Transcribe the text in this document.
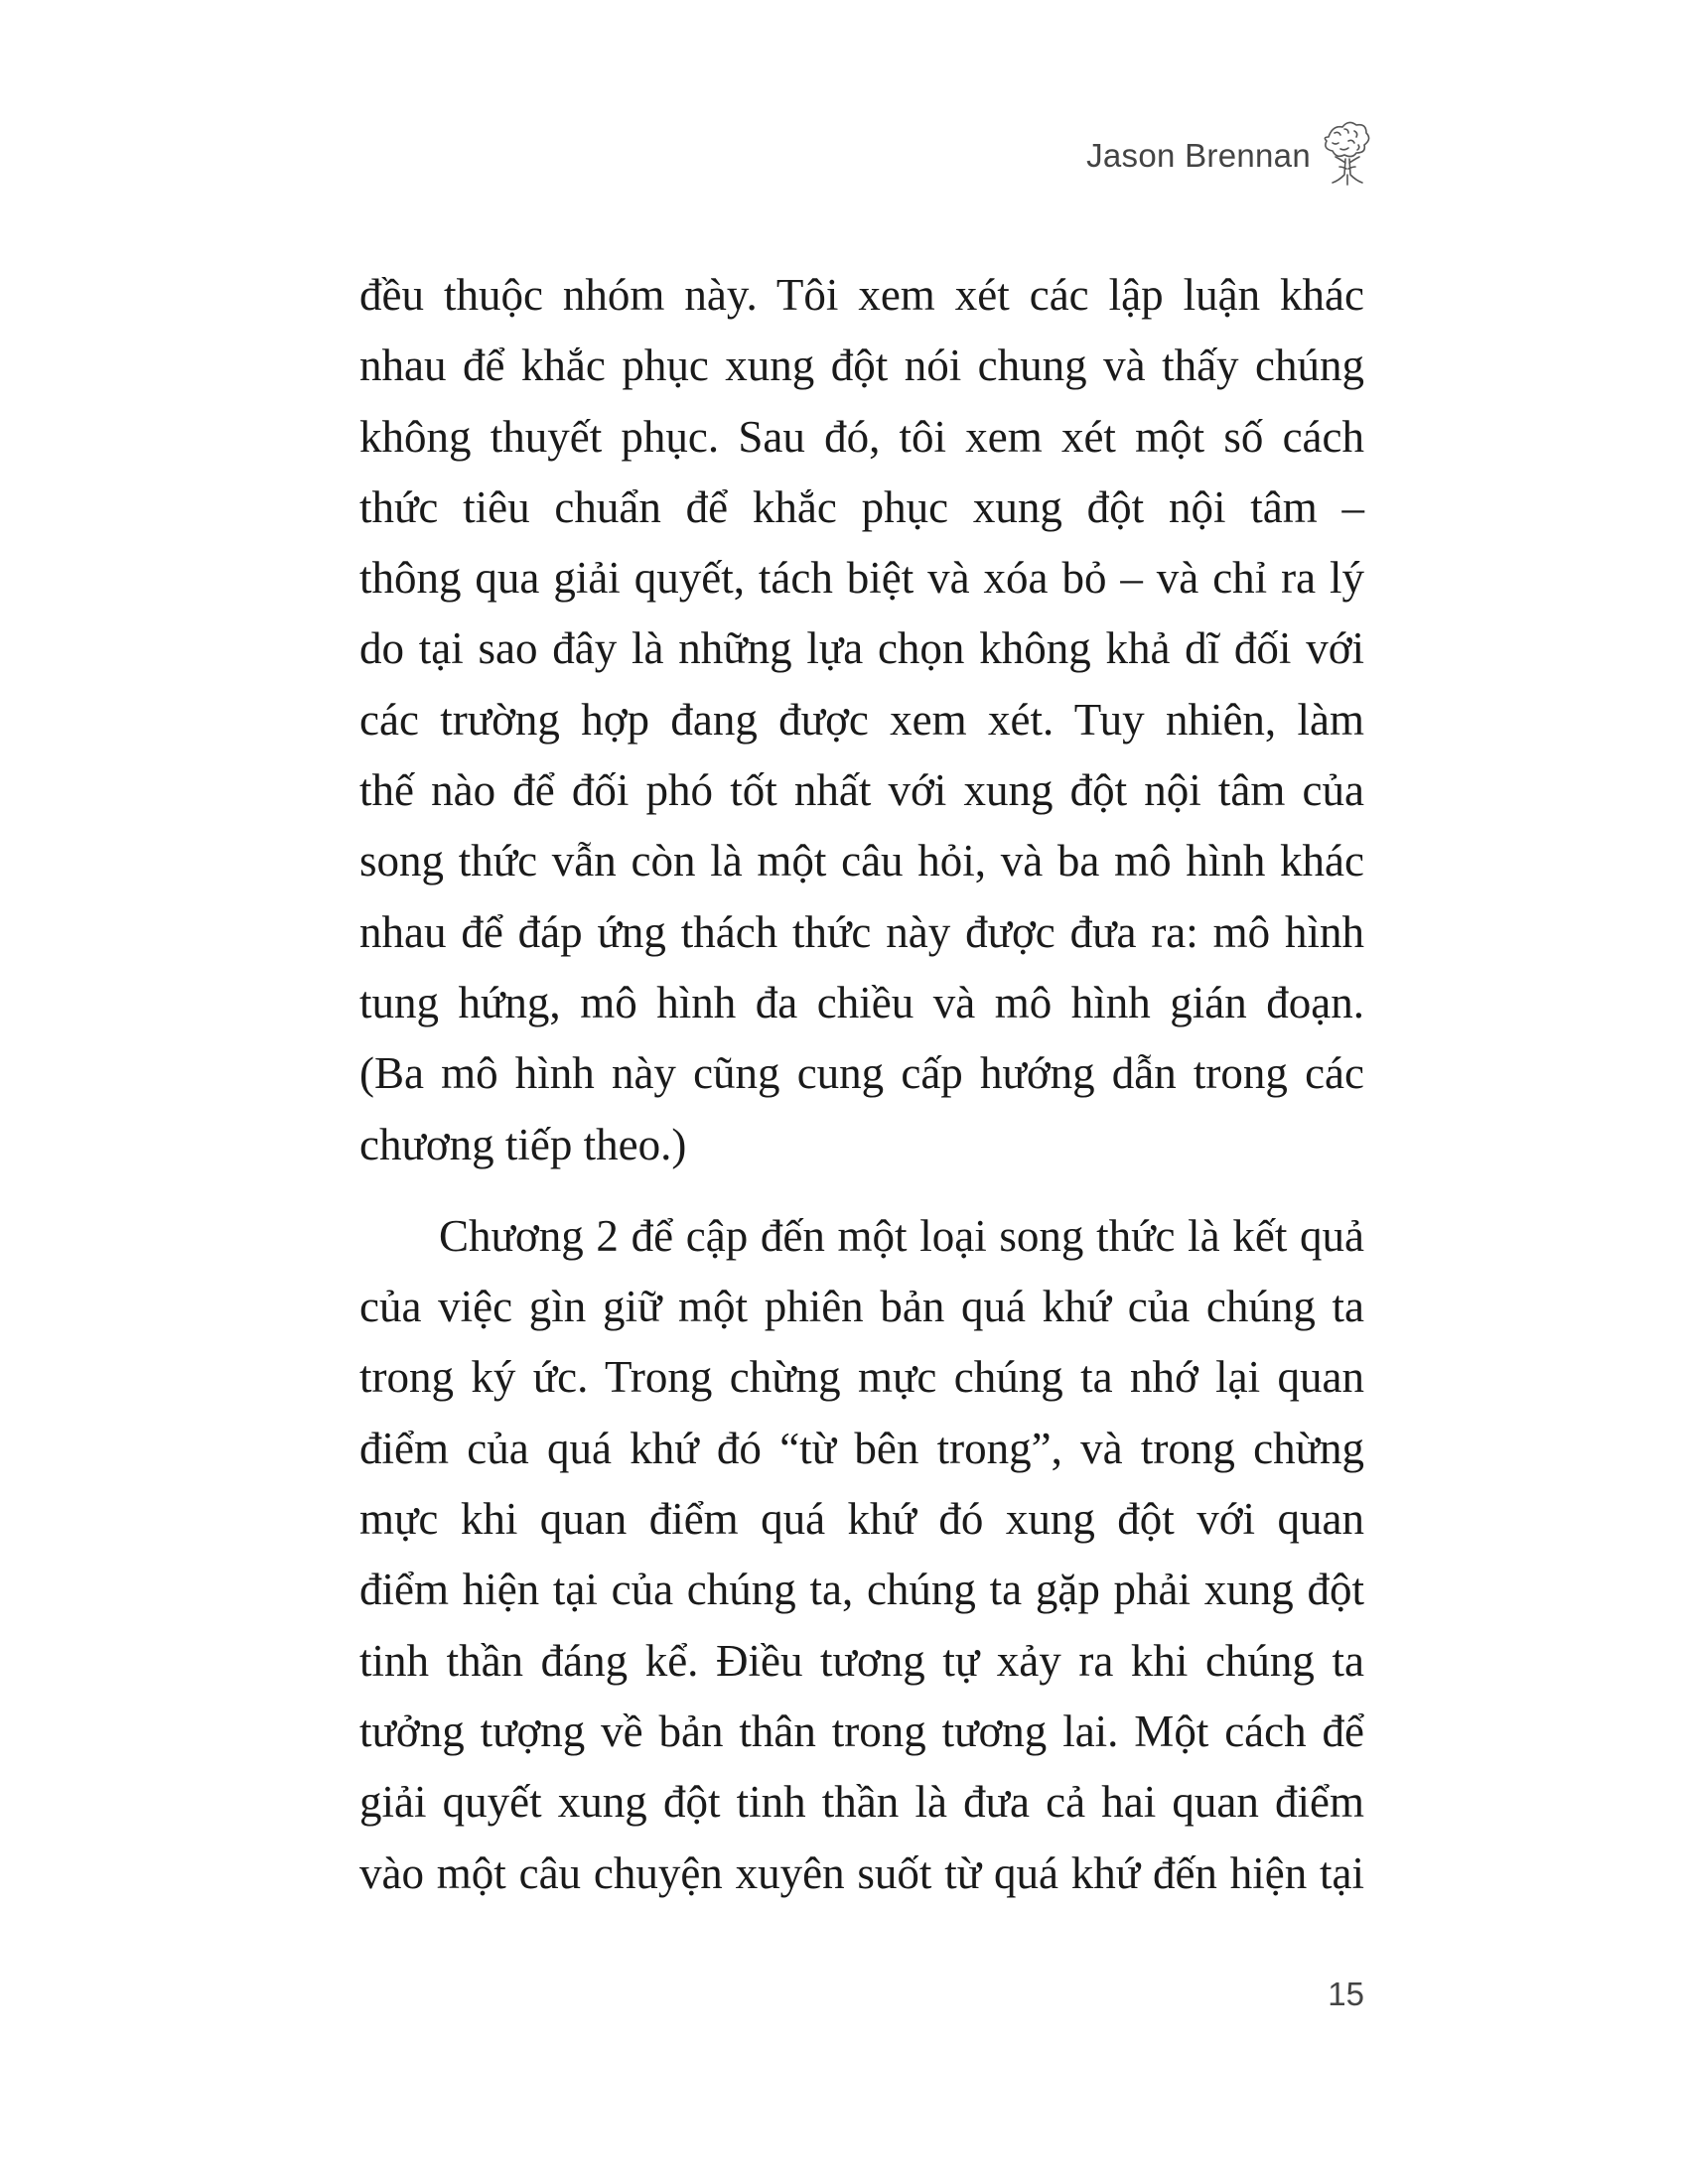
Jason Brennan
đều thuộc nhóm này. Tôi xem xét các lập luận khác
nhau để khắc phục xung đột nói chung và thấy chúng
không thuyết phục. Sau đó, tôi xem xét một số cách
thức tiêu chuẩn để khắc phục xung đột nội tâm –
thông qua giải quyết, tách biệt và xóa bỏ – và chỉ ra lý
do tại sao đây là những lựa chọn không khả dĩ đối với
các trường hợp đang được xem xét. Tuy nhiên, làm
thế nào để đối phó tốt nhất với xung đột nội tâm của
song thức vẫn còn là một câu hỏi, và ba mô hình khác
nhau để đáp ứng thách thức này được đưa ra: mô hình
tung hứng, mô hình đa chiều và mô hình gián đoạn.
(Ba mô hình này cũng cung cấp hướng dẫn trong các
chương tiếp theo.)
Chương 2 để cập đến một loại song thức là kết quả
của việc gìn giữ một phiên bản quá khứ của chúng ta
trong ký ức. Trong chừng mực chúng ta nhớ lại quan
điểm của quá khứ đó “từ bên trong”, và trong chừng
mực khi quan điểm quá khứ đó xung đột với quan
điểm hiện tại của chúng ta, chúng ta gặp phải xung đột
tinh thần đáng kể. Điều tương tự xảy ra khi chúng ta
tưởng tượng về bản thân trong tương lai. Một cách để
giải quyết xung đột tinh thần là đưa cả hai quan điểm
vào một câu chuyện xuyên suốt từ quá khứ đến hiện tại
15
